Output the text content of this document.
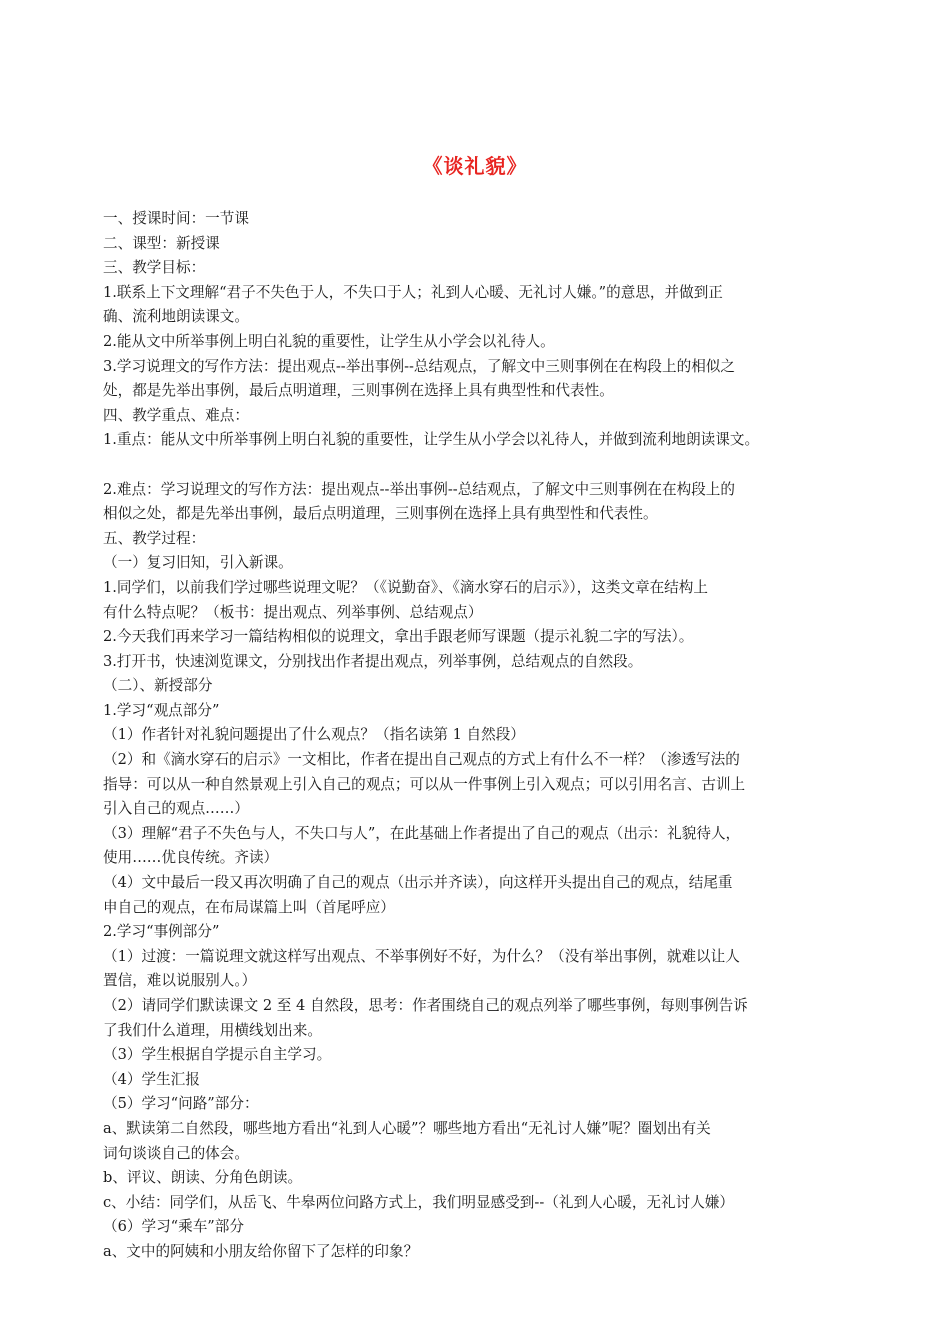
《谈礼貌》
一、授课时间：一节课
二、课型：新授课
三、教学目标：
1.联系上下文理解“君子不失色于人，不失口于人；礼到人心暖、无礼讨人嫌。”的意思，并做到正
确、流利地朗读课文。
2.能从文中所举事例上明白礼貌的重要性，让学生从小学会以礼待人。
3.学习说理文的写作方法：提出观点--举出事例--总结观点，了解文中三则事例在在构段上的相似之
处，都是先举出事例，最后点明道理，三则事例在选择上具有典型性和代表性。
四、教学重点、难点：
1.重点：能从文中所举事例上明白礼貌的重要性，让学生从小学会以礼待人，并做到流利地朗读课文。
2.难点：学习说理文的写作方法：提出观点--举出事例--总结观点，了解文中三则事例在在构段上的
相似之处，都是先举出事例，最后点明道理，三则事例在选择上具有典型性和代表性。
五、教学过程：
（一）复习旧知，引入新课。
1.同学们，以前我们学过哪些说理文呢？（《说勤奋》、《滴水穿石的启示》），这类文章在结构上
有什么特点呢？（板书：提出观点、列举事例、总结观点）
2.今天我们再来学习一篇结构相似的说理文，拿出手跟老师写课题（提示礼貌二字的写法）。
3.打开书，快速浏览课文，分别找出作者提出观点，列举事例，总结观点的自然段。
（二）、新授部分
1.学习“观点部分”
（1）作者针对礼貌问题提出了什么观点？（指名读第 1 自然段）
（2）和《滴水穿石的启示》一文相比，作者在提出自己观点的方式上有什么不一样？（渗透写法的
指导：可以从一种自然景观上引入自己的观点；可以从一件事例上引入观点；可以引用名言、古训上
引入自己的观点……）
（3）理解“君子不失色与人，不失口与人”，在此基础上作者提出了自己的观点（出示：礼貌待人，
使用……优良传统。齐读）
（4）文中最后一段又再次明确了自己的观点（出示并齐读），向这样开头提出自己的观点，结尾重
申自己的观点，在布局谋篇上叫（首尾呼应）
2.学习“事例部分”
（1）过渡：一篇说理文就这样写出观点、不举事例好不好，为什么？（没有举出事例，就难以让人
置信，难以说服别人。）
（2）请同学们默读课文 2 至 4 自然段，思考：作者围绕自己的观点列举了哪些事例，每则事例告诉
了我们什么道理，用横线划出来。
（3）学生根据自学提示自主学习。
（4）学生汇报
（5）学习“问路”部分：
a、默读第二自然段，哪些地方看出“礼到人心暖”？哪些地方看出“无礼讨人嫌”呢？圈划出有关
词句谈谈自己的体会。
b、评议、朗读、分角色朗读。
c、小结：同学们，从岳飞、牛皋两位问路方式上，我们明显感受到--（礼到人心暖，无礼讨人嫌）
（6）学习“乘车”部分
a、文中的阿姨和小朋友给你留下了怎样的印象？
